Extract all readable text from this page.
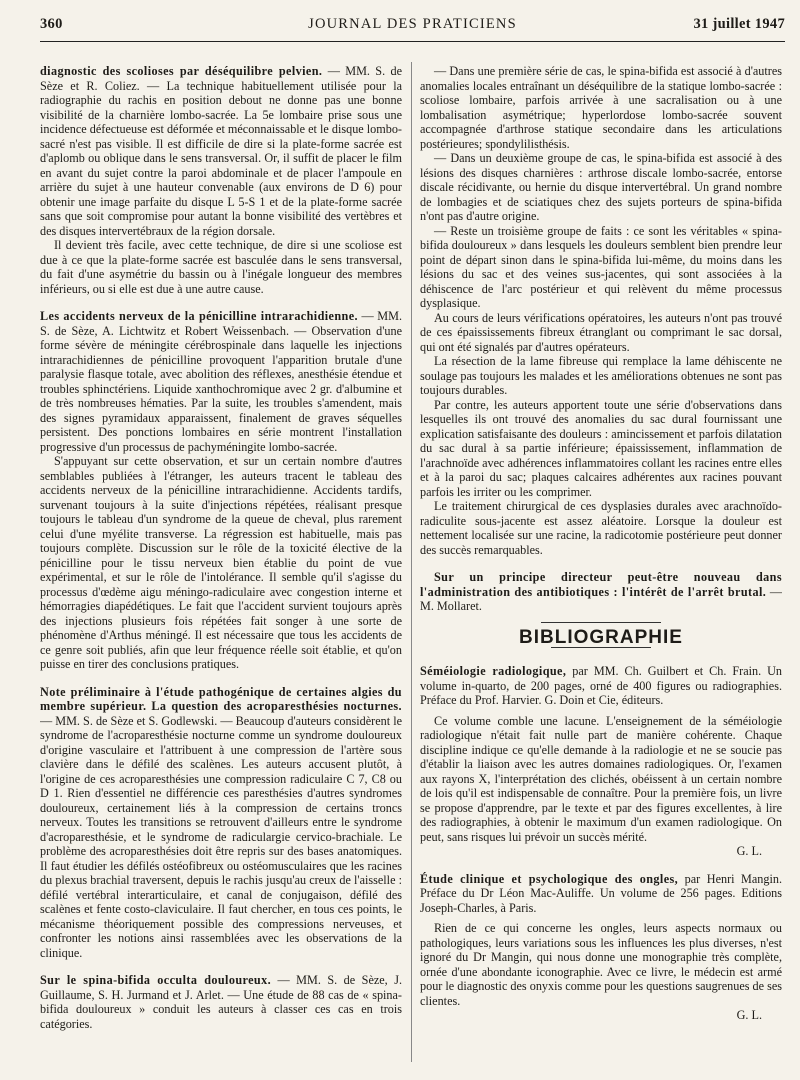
360	JOURNAL DES PRATICIENS	31 juillet 1947

diagnostic des scolioses par déséquilibre pelvien. — MM. S. de Sèze et R. Coliez. — La technique habituellement utilisée pour la radiographie du rachis en position debout ne donne pas une bonne visibilité de la charnière lombo-sacrée. La 5e lombaire prise sous une incidence défectueuse est déformée et méconnaissable et le disque lombo-sacré n'est pas visible. Il est difficile de dire si la plate-forme sacrée est d'aplomb ou oblique dans le sens transversal. Or, il suffit de placer le film en avant du sujet contre la paroi abdominale et de placer l'ampoule en arrière du sujet à une hauteur convenable (aux environs de D 6) pour obtenir une image parfaite du disque L 5-S 1 et de la plate-forme sacrée sans que soit compromise pour autant la bonne visibilité des vertèbres et des disques intervertébraux de la région dorsale.

Il devient très facile, avec cette technique, de dire si une scoliose est due à ce que la plate-forme sacrée est basculée dans le sens transversal, du fait d'une asymétrie du bassin ou à l'inégale longueur des membres inférieurs, ou si elle est due à une autre cause.

Les accidents nerveux de la pénicilline intrarachidienne. — MM. S. de Sèze, A. Lichtwitz et Robert Weissenbach. — Observation d'une forme sévère de méningite cérébrospinale dans laquelle les injections intrarachidiennes de pénicilline provoquent l'apparition brutale d'une paralysie flasque totale, avec abolition des réflexes, anesthésie étendue et troubles sphinctériens. Liquide xanthochromique avec 2 gr. d'albumine et de très nombreuses hématies. Par la suite, les troubles s'amendent, mais des signes pyramidaux apparaissent, finalement de graves séquelles persistent. Des ponctions lombaires en série montrent l'installation progressive d'un processus de pachyméningite lombo-sacrée.

S'appuyant sur cette observation, et sur un certain nombre d'autres semblables publiées à l'étranger, les auteurs tracent le tableau des accidents nerveux de la pénicilline intrarachidienne. Accidents tardifs, survenant toujours à la suite d'injections répétées, réalisant presque toujours le tableau d'un syndrome de la queue de cheval, plus rarement celui d'une myélite transverse. La régression est habituelle, mais pas toujours complète. Discussion sur le rôle de la toxicité élective de la pénicilline pour le tissu nerveux bien établie du point de vue expérimental, et sur le rôle de l'intolérance. Il semble qu'il s'agisse du processus d'œdème aigu méningo-radiculaire avec congestion interne et hémorragies diapédétiques. Le fait que l'accident survient toujours après des injections plusieurs fois répétées fait songer à une sorte de phénomène d'Arthus méningé. Il est nécessaire que tous les accidents de ce genre soit publiés, afin que leur fréquence réelle soit établie, et qu'on puisse en tirer des conclusions pratiques.

Note préliminaire à l'étude pathogénique de certaines algies du membre supérieur. La question des acroparesthésies nocturnes. — MM. S. de Sèze et S. Godlewski. — Beaucoup d'auteurs considèrent le syndrome de l'acroparesthésie nocturne comme un syndrome douloureux d'origine vasculaire et l'attribuent à une compression de l'artère sous clavière dans le défilé des scalènes. Les auteurs accusent plutôt, à l'origine de ces acroparesthésies une compression radiculaire C 7, C8 ou D 1. Rien d'essentiel ne différencie ces paresthésies d'autres syndromes douloureux, certainement liés à la compression de certains troncs nerveux. Toutes les transitions se retrouvent d'ailleurs entre le syndrome d'acroparesthésie, et le syndrome de radiculargie cervico-brachiale. Le problème des acroparesthésies doit être repris sur des bases anatomiques. Il faut étudier les défilés ostéofibreux ou ostéomusculaires que les racines du plexus brachial traversent, depuis le rachis jusqu'au creux de l'aisselle : défilé vertébral interarticulaire, et canal de conjugaison, défilé des scalènes et fente costo-claviculaire. Il faut chercher, en tous ces points, le mécanisme théoriquement possible des compressions nerveuses, et confronter les notions ainsi rassemblées avec les observations de la clinique.

Sur le spina-bifida occulta douloureux. — MM. S. de Sèze, J. Guillaume, S. H. Jurmand et J. Arlet. — Une étude de 88 cas de « spina-bifida douloureux » conduit les auteurs à classer ces cas en trois catégories.

— Dans une première série de cas, le spina-bifida est associé à d'autres anomalies locales entraînant un déséquilibre de la statique lombo-sacrée : scoliose lombaire, parfois arrivée à une sacralisation ou à une lombalisation asymétrique; hyperlordose lombo-sacrée souvent accompagnée d'arthrose statique secondaire dans les articulations postérieures; spondylilisthésis.

— Dans un deuxième groupe de cas, le spina-bifida est associé à des lésions des disques charnières : arthrose discale lombo-sacrée, entorse discale récidivante, ou hernie du disque intervertébral. Un grand nombre de lombagies et de sciatiques chez des sujets porteurs de spina-bifida n'ont pas d'autre origine.

— Reste un troisième groupe de faits : ce sont les véritables « spina-bifida douloureux » dans lesquels les douleurs semblent bien prendre leur point de départ sinon dans le spina-bifida lui-même, du moins dans les lésions du sac et des veines sus-jacentes, qui sont associées à la déhiscence de l'arc postérieur et qui relèvent du même processus dysplasique.

Au cours de leurs vérifications opératoires, les auteurs n'ont pas trouvé de ces épaississements fibreux étranglant ou comprimant le sac dorsal, qui ont été signalés par d'autres opérateurs.

La résection de la lame fibreuse qui remplace la lame déhiscente ne soulage pas toujours les malades et les améliorations obtenues ne sont pas toujours durables.

Par contre, les auteurs apportent toute une série d'observations dans lesquelles ils ont trouvé des anomalies du sac dural fournissant une explication satisfaisante des douleurs : amincissement et parfois dilatation du sac dural à sa partie inférieure; épaississement, inflammation de l'arachnoïde avec adhérences inflammatoires collant les racines entre elles et à la paroi du sac; plaques calcaires adhérentes aux racines pouvant parfois les irriter ou les comprimer.

Le traitement chirurgical de ces dysplasies durales avec arachnoïdo-radiculite sous-jacente est assez aléatoire. Lorsque la douleur est nettement localisée sur une racine, la radicotomie postérieure peut donner des succès remarquables.

Sur un principe directeur peut-être nouveau dans l'administration des antibiotiques : l'intérêt de l'arrêt brutal. — M. Mollaret.

BIBLIOGRAPHIE

Séméiologie radiologique, par MM. Ch. Guilbert et Ch. Frain. Un volume in-quarto, de 200 pages, orné de 400 figures ou radiographies. Préface du Prof. Harvier. G. Doin et Cie, éditeurs.

Ce volume comble une lacune. L'enseignement de la séméiologie radiologique n'était fait nulle part de manière cohérente. Chaque discipline indique ce qu'elle demande à la radiologie et ne se soucie pas d'établir la liaison avec les autres domaines radiologiques. Or, l'examen aux rayons X, l'interprétation des clichés, obéissent à un certain nombre de lois qu'il est indispensable de connaître. Pour la première fois, un livre se propose d'apprendre, par le texte et par des figures excellentes, à lire des radiographies, à obtenir le maximum d'un examen radiologique. On peut, sans risques lui prévoir un succès mérité.

G. L.

Étude clinique et psychologique des ongles, par Henri Mangin. Préface du Dr Léon Mac-Auliffe. Un volume de 256 pages. Editions Joseph-Charles, à Paris.

Rien de ce qui concerne les ongles, leurs aspects normaux ou pathologiques, leurs variations sous les influences les plus diverses, n'est ignoré du Dr Mangin, qui nous donne une monographie très complète, ornée d'une abondante iconographie. Avec ce livre, le médecin est armé pour le diagnostic des onyxis comme pour les questions saugrenues de ses clientes.

G. L.
